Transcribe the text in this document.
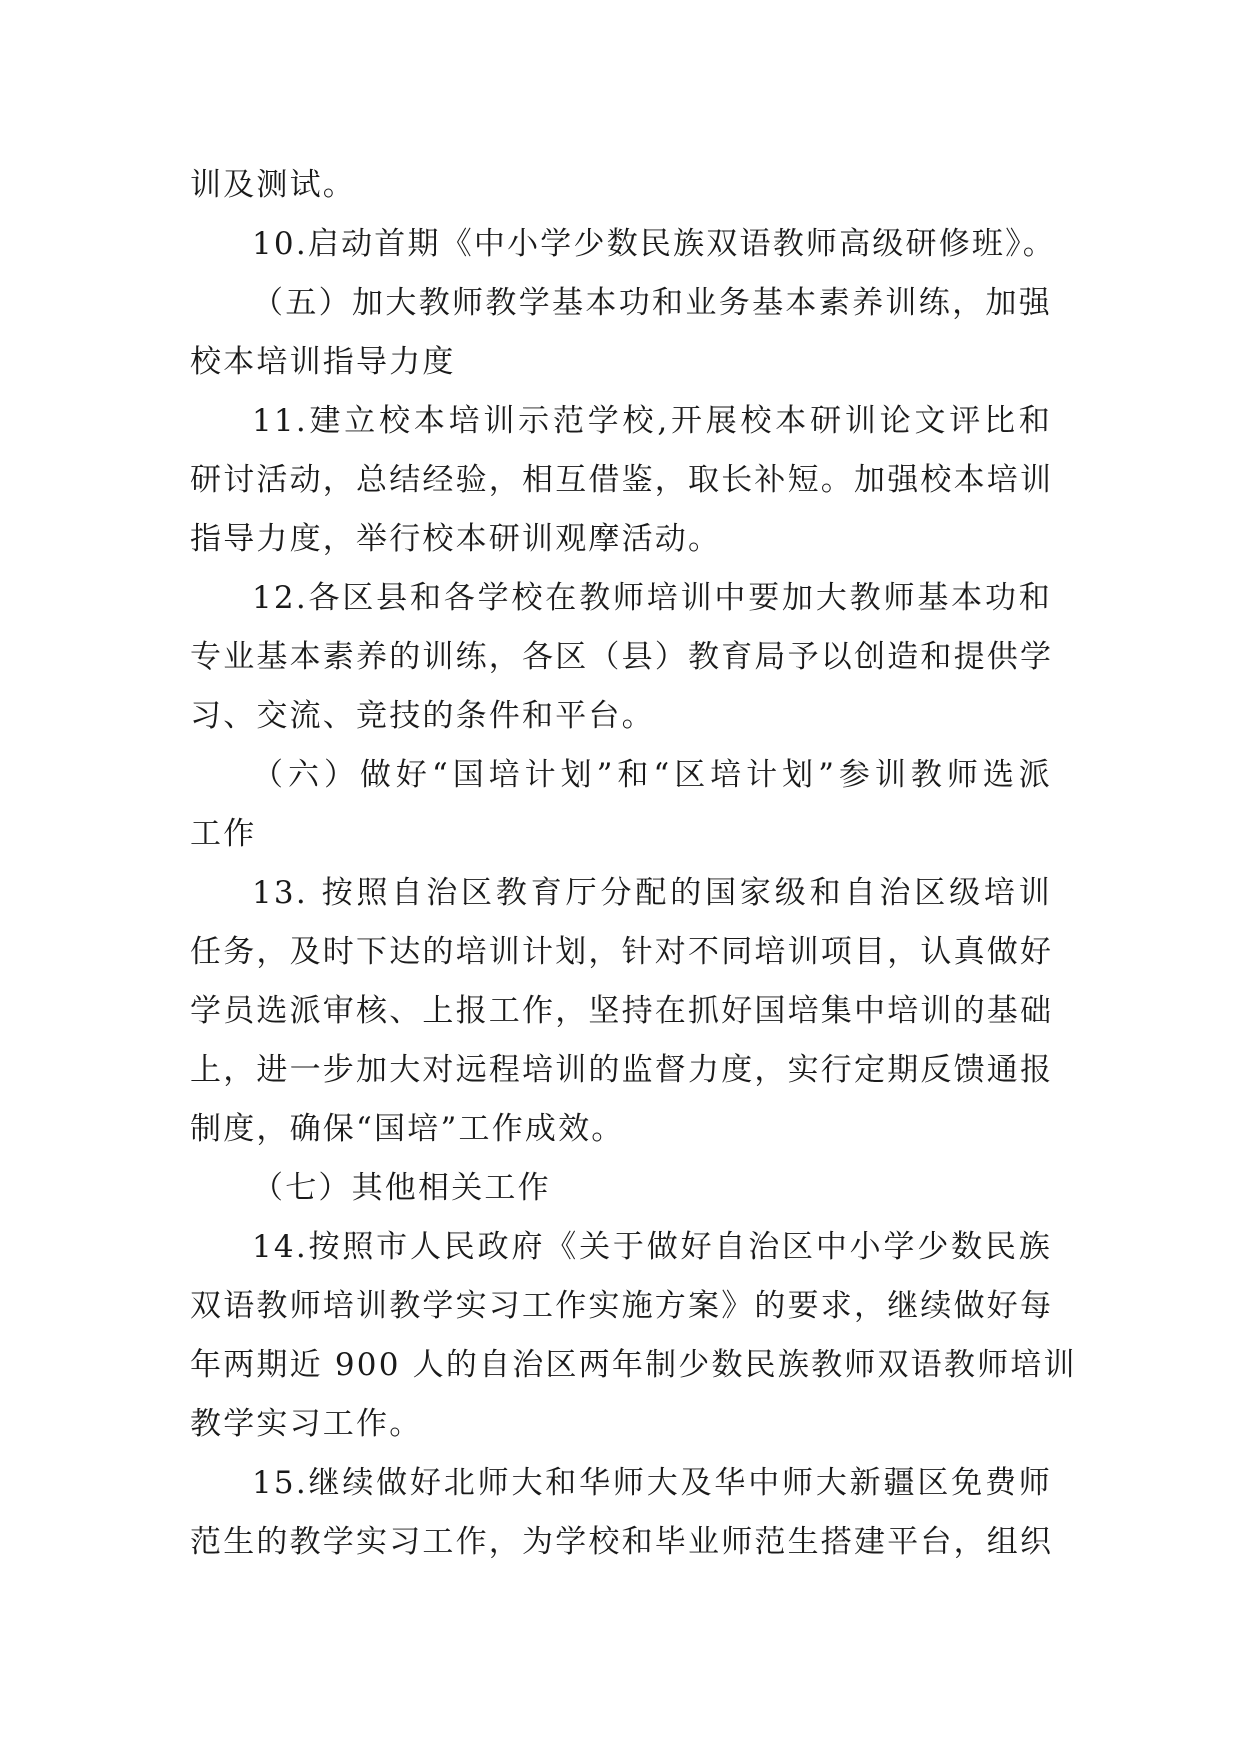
训及测试。
10.启动首期《中小学少数民族双语教师高级研修班》。
（五）加大教师教学基本功和业务基本素养训练，加强
校本培训指导力度
11.建立校本培训示范学校,开展校本研训论文评比和
研讨活动，总结经验，相互借鉴，取长补短。加强校本培训
指导力度，举行校本研训观摩活动。
12.各区县和各学校在教师培训中要加大教师基本功和
专业基本素养的训练，各区（县）教育局予以创造和提供学
习、交流、竞技的条件和平台。
（六）做好“国培计划”和“区培计划”参训教师选派
工作
13. 按照自治区教育厅分配的国家级和自治区级培训
任务，及时下达的培训计划，针对不同培训项目，认真做好
学员选派审核、上报工作，坚持在抓好国培集中培训的基础
上，进一步加大对远程培训的监督力度，实行定期反馈通报
制度，确保“国培”工作成效。
（七）其他相关工作
14.按照市人民政府《关于做好自治区中小学少数民族
双语教师培训教学实习工作实施方案》的要求，继续做好每
年两期近 900 人的自治区两年制少数民族教师双语教师培训
教学实习工作。
15.继续做好北师大和华师大及华中师大新疆区免费师
范生的教学实习工作，为学校和毕业师范生搭建平台，组织
